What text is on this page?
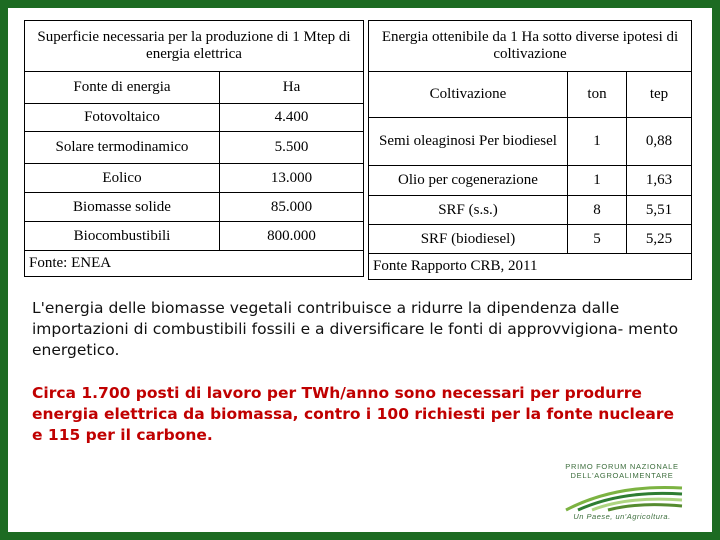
Superficie necessaria per la produzione di 1 Mtep di energia elettrica	
Fonte di energia	Ha
Fotovoltaico	4.400
Solare termodinamico	5.500
Eolico	13.000
Biomasse solide	85.000
Biocombustibili	800.000
Fonte: ENEA	
Energia ottenibile da 1 Ha sotto diverse ipotesi di coltivazione		
Coltivazione	ton	tep
Semi oleaginosi Per biodiesel	1	0,88
Olio per cogenerazione	1	1,63
SRF (s.s.)	8	5,51
SRF (biodiesel)	5	5,25
Fonte Rapporto CRB, 2011		
L'energia delle biomasse vegetali contribuisce a ridurre la dipendenza dalle importazioni di combustibili fossili e a diversificare le fonti di approvvigiona- mento energetico.
Circa 1.700 posti di lavoro per TWh/anno sono necessari per produrre energia elettrica da biomassa, contro i 100 richiesti per la fonte nucleare e 115 per il carbone.
PRIMO FORUM NAZIONALE
DELL'AGROALIMENTARE
Un Paese, un'Agricoltura.
